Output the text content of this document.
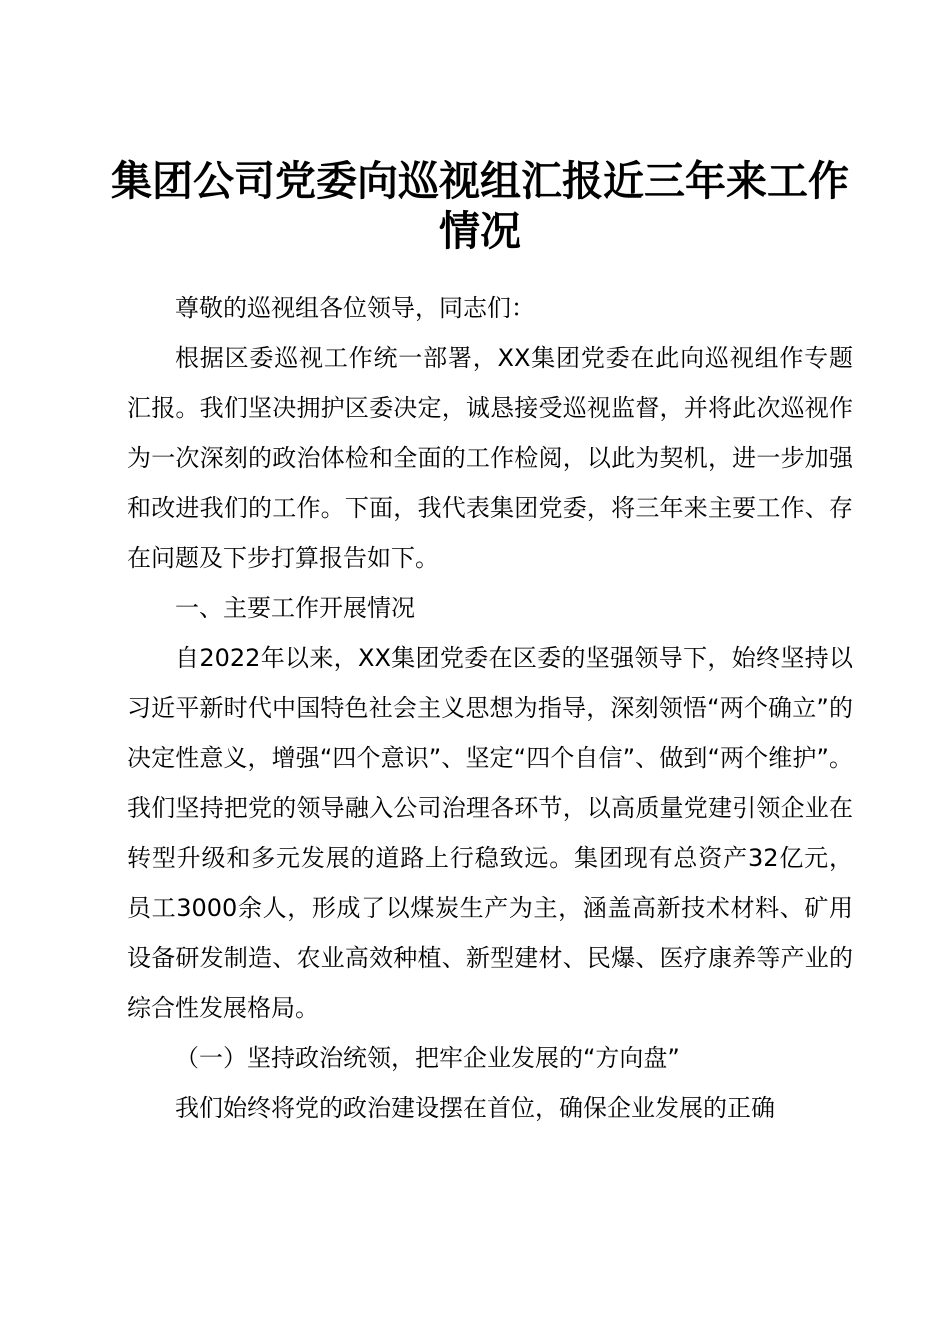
集团公司党委向巡视组汇报近三年来工作情况

尊敬的巡视组各位领导，同志们：

根据区委巡视工作统一部署，XX集团党委在此向巡视组作专题汇报。我们坚决拥护区委决定，诚恳接受巡视监督，并将此次巡视作为一次深刻的政治体检和全面的工作检阅，以此为契机，进一步加强和改进我们的工作。下面，我代表集团党委，将三年来主要工作、存在问题及下步打算报告如下。

一、主要工作开展情况

自2022年以来，XX集团党委在区委的坚强领导下，始终坚持以习近平新时代中国特色社会主义思想为指导，深刻领悟“两个确立”的决定性意义，增强“四个意识”、坚定“四个自信”、做到“两个维护”。我们坚持把党的领导融入公司治理各环节，以高质量党建引领企业在转型升级和多元发展的道路上行稳致远。集团现有总资产32亿元，员工3000余人，形成了以煤炭生产为主，涵盖高新技术材料、矿用设备研发制造、农业高效种植、新型建材、民爆、医疗康养等产业的综合性发展格局。

（一）坚持政治统领，把牢企业发展的“方向盘”

我们始终将党的政治建设摆在首位，确保企业发展的正确
